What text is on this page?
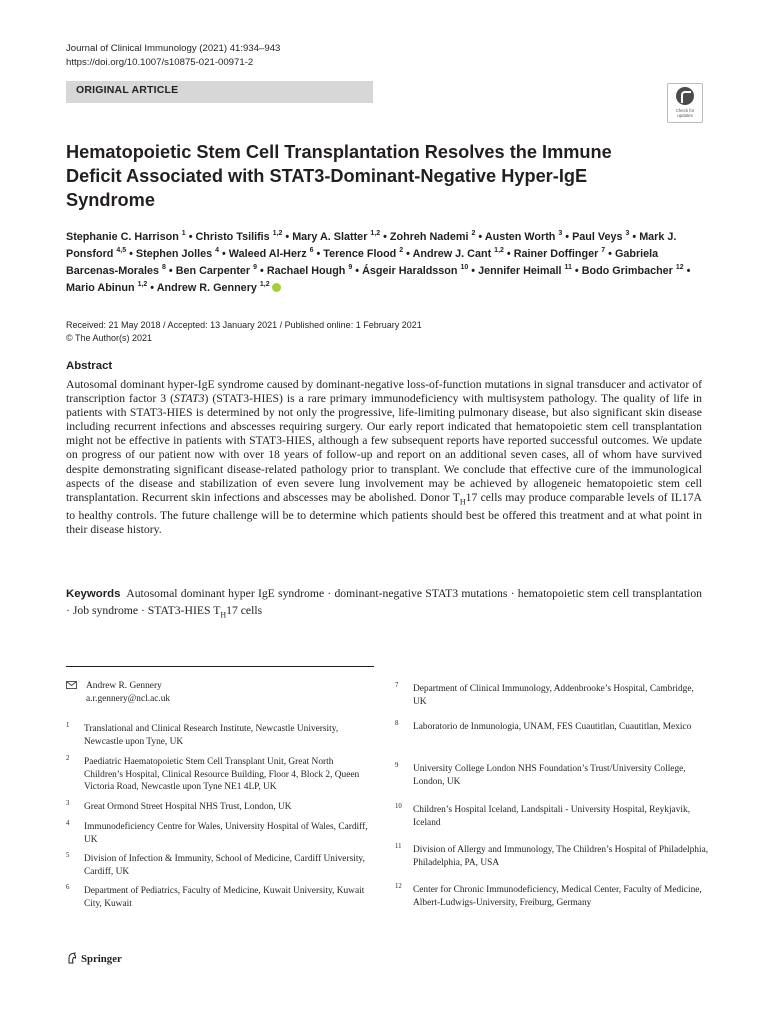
Journal of Clinical Immunology (2021) 41:934–943
https://doi.org/10.1007/s10875-021-00971-2
ORIGINAL ARTICLE
Check for
updates
Hematopoietic Stem Cell Transplantation Resolves the Immune Deficit Associated with STAT3-Dominant-Negative Hyper-IgE Syndrome
Stephanie C. Harrison $^1$ • Christo Tsilifis $^{1,2}$ • Mary A. Slatter $^{1,2}$ • Zohreh Nademi $^2$ • Austen Worth $^3$ • Paul Veys $^3$ • Mark J. Ponsford $^{4,5}$ • Stephen Jolles $^4$ • Waleed Al-Herz $^6$ • Terence Flood $^2$ • Andrew J. Cant $^{1,2}$ • Rainer Doffinger $^7$ • Gabriela Barcenas-Morales $^8$ • Ben Carpenter $^9$ • Rachael Hough $^9$ • Ásgeir Haraldsson $^{10}$ • Jennifer Heimall $^{11}$ • Bodo Grimbacher $^{12}$ • Mario Abinun $^{1,2}$ • Andrew R. Gennery $^{1,2}$
Received: 21 May 2018 / Accepted: 13 January 2021 / Published online: 1 February 2021
© The Author(s) 2021
Abstract
Autosomal dominant hyper-IgE syndrome caused by dominant-negative loss-of-function mutations in signal transducer and activator of transcription factor 3 (STAT3) (STAT3-HIES) is a rare primary immunodeficiency with multisystem pathology. The quality of life in patients with STAT3-HIES is determined by not only the progressive, life-limiting pulmonary disease, but also significant skin disease including recurrent infections and abscesses requiring surgery. Our early report indicated that hematopoietic stem cell transplantation might not be effective in patients with STAT3-HIES, although a few subsequent reports have reported successful outcomes. We update on progress of our patient now with over 18 years of follow-up and report on an additional seven cases, all of whom have survived despite demonstrating significant disease-related pathology prior to transplant. We conclude that effective cure of the immunological aspects of the disease and stabilization of even severe lung involvement may be achieved by allogeneic hematopoietic stem cell transplantation. Recurrent skin infections and abscesses may be abolished. Donor $T_H17$ cells may produce comparable levels of IL17A to healthy controls. The future challenge will be to determine which patients should best be offered this treatment and at what point in their disease history.
Keywords Autosomal dominant hyper IgE syndrome · dominant-negative STAT3 mutations · hematopoietic stem cell transplantation · Job syndrome · STAT3-HIES $T_H17$ cells
Andrew R. Gennery
a.r.gennery@ncl.ac.uk
1 Translational and Clinical Research Institute, Newcastle University, Newcastle upon Tyne, UK
2 Paediatric Haematopoietic Stem Cell Transplant Unit, Great North Children’s Hospital, Clinical Resource Building, Floor 4, Block 2, Queen Victoria Road, Newcastle upon Tyne NE1 4LP, UK
3 Great Ormond Street Hospital NHS Trust, London, UK
4 Immunodeficiency Centre for Wales, University Hospital of Wales, Cardiff, UK
5 Division of Infection & Immunity, School of Medicine, Cardiff University, Cardiff, UK
6 Department of Pediatrics, Faculty of Medicine, Kuwait University, Kuwait City, Kuwait
7 Department of Clinical Immunology, Addenbrooke’s Hospital, Cambridge, UK
8 Laboratorio de Inmunologia, UNAM, FES Cuautitlan, Cuautitlan, Mexico
9 University College London NHS Foundation’s Trust/University College, London, UK
10 Children’s Hospital Iceland, Landspitali - University Hospital, Reykjavik, Iceland
11 Division of Allergy and Immunology, The Children’s Hospital of Philadelphia, Philadelphia, PA, USA
12 Center for Chronic Immunodeficiency, Medical Center, Faculty of Medicine, Albert-Ludwigs-University, Freiburg, Germany
Springer
